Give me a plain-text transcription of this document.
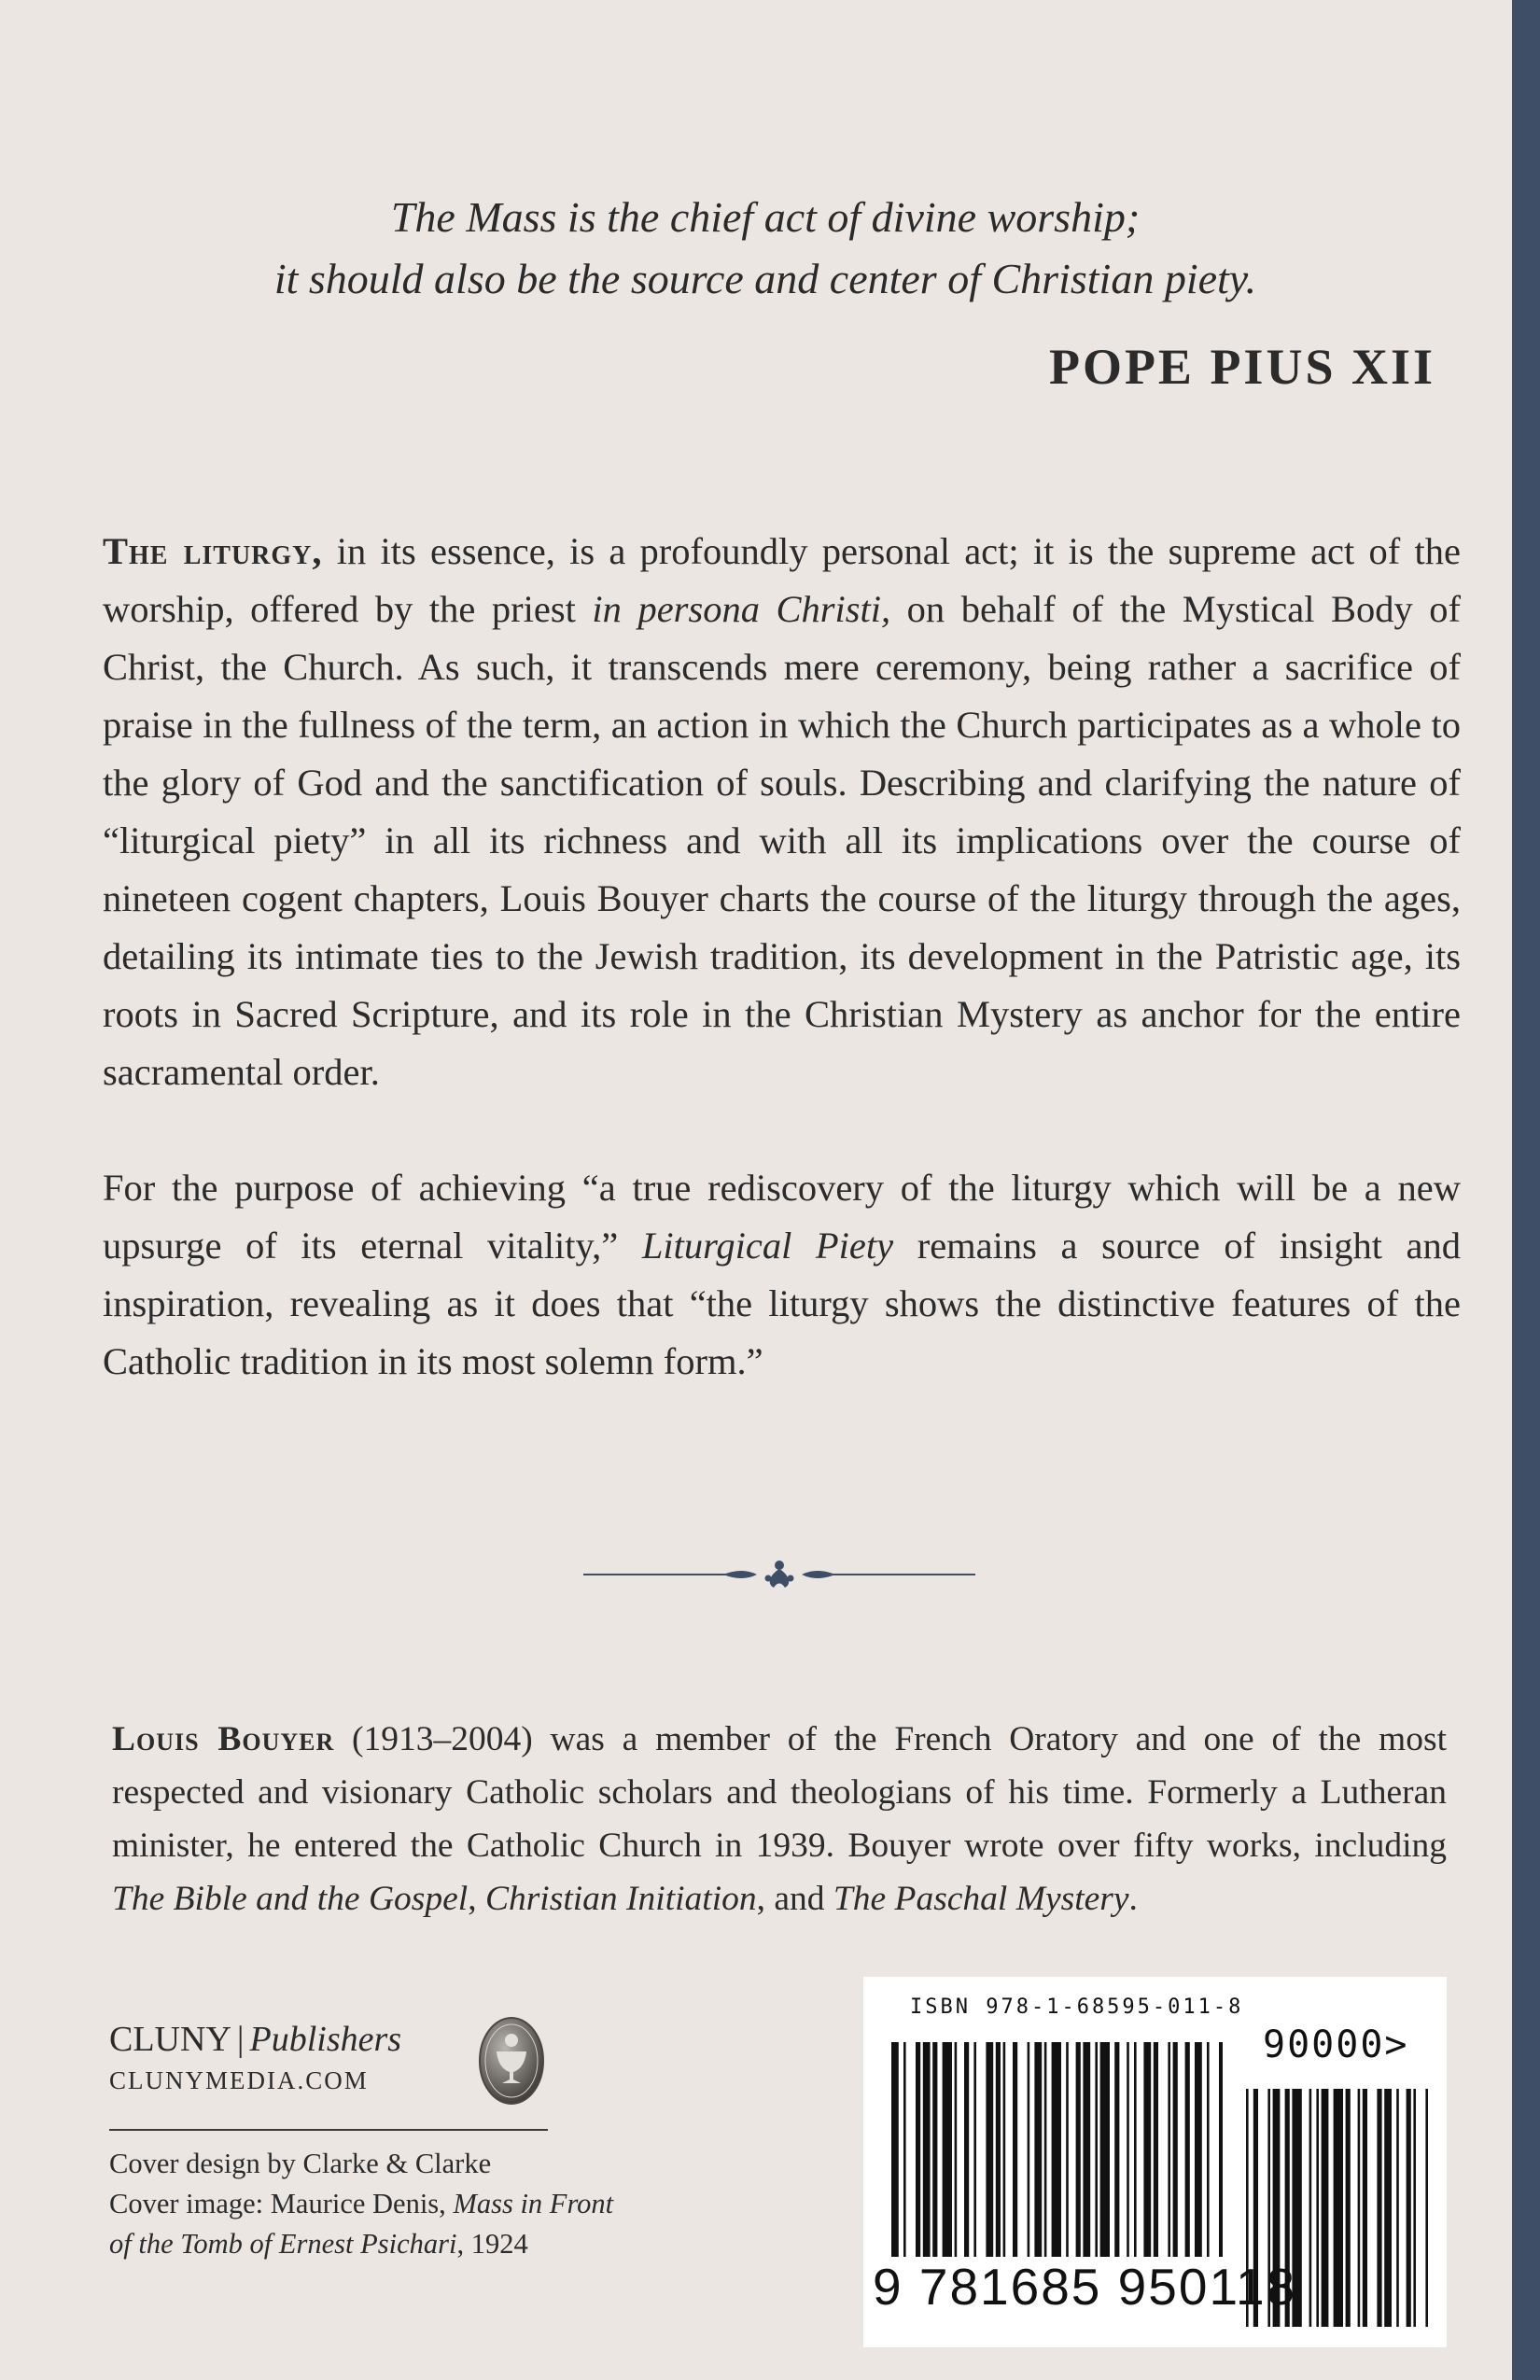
The Mass is the chief act of divine worship;

it should also be the source and center of Christian piety.

POPE PIUS XII

The liturgy, in its essence, is a profoundly personal act; it is the supreme act of the worship, offered by the priest in persona Christi, on behalf of the Mystical Body of Christ, the Church. As such, it transcends mere ceremony, being rather a sacrifice of praise in the fullness of the term, an action in which the Church participates as a whole to the glory of God and the sanctification of souls. Describing and clarifying the nature of “liturgical piety” in all its richness and with all its implications over the course of nineteen cogent chapters, Louis Bouyer charts the course of the liturgy through the ages, detailing its intimate ties to the Jewish tradition, its development in the Patristic age, its roots in Sacred Scripture, and its role in the Christian Mystery as anchor for the entire sacramental order.

For the purpose of achieving “a true rediscovery of the liturgy which will be a new upsurge of its eternal vitality,” Liturgical Piety remains a source of insight and inspiration, revealing as it does that “the liturgy shows the distinctive features of the Catholic tradition in its most solemn form.”

Louis Bouyer (1913–2004) was a member of the French Oratory and one of the most respected and visionary Catholic scholars and theologians of his time. Formerly a Lutheran minister, he entered the Catholic Church in 1939. Bouyer wrote over fifty works, including The Bible and the Gospel, Christian Initiation, and The Paschal Mystery.

CLUNY | Publishers
CLUNYMEDIA.COM
Cover design by Clarke & Clarke
Cover image: Maurice Denis, Mass in Front
of the Tomb of Ernest Psichari, 1924
ISBN 978-1-68595-011-8
90000>
9 781685 950118
